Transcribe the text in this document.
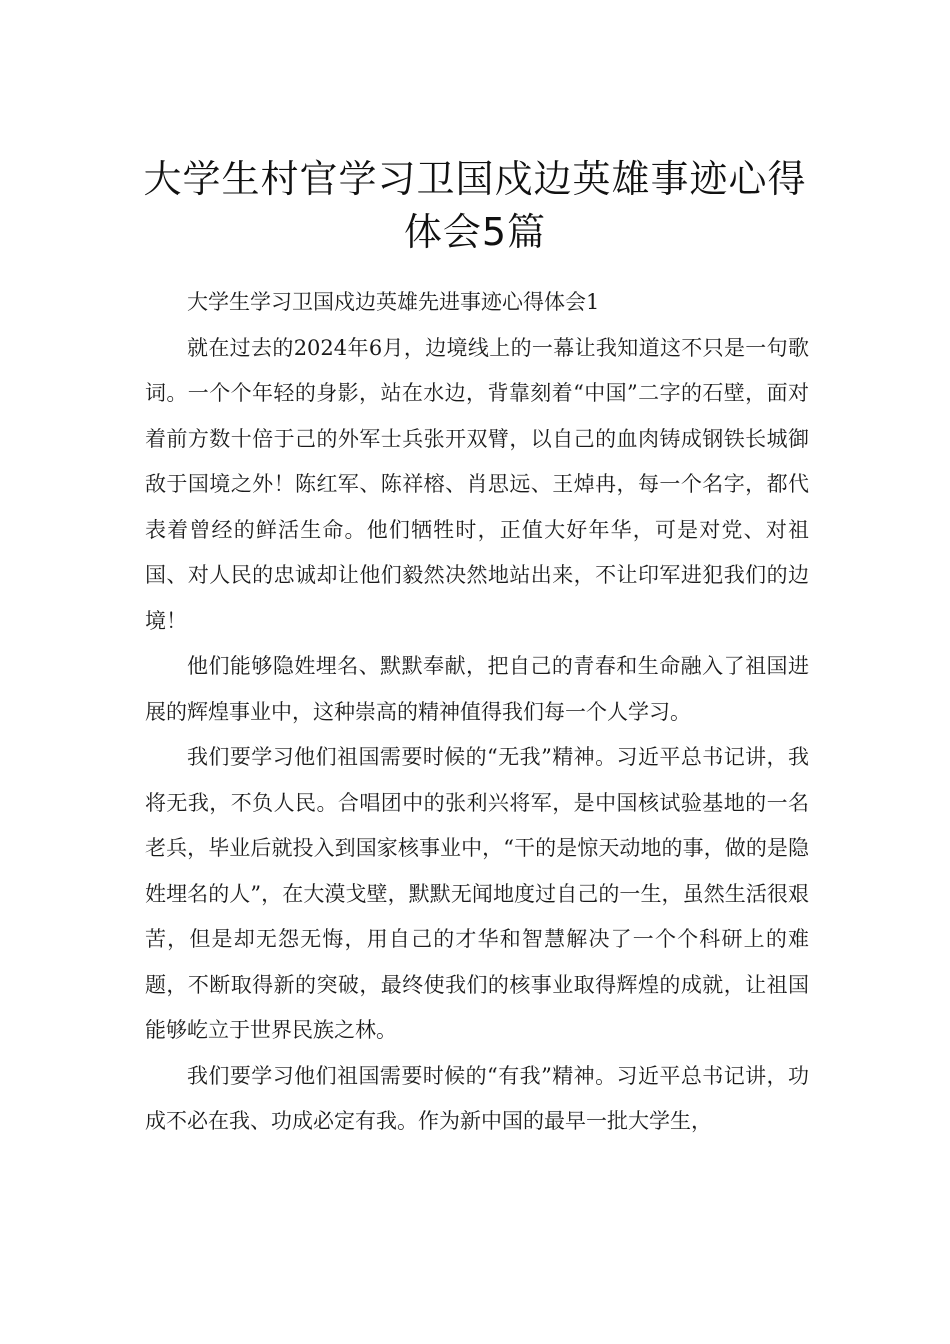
大学生村官学习卫国戍边英雄事迹心得
体会5篇

大学生学习卫国戍边英雄先进事迹心得体会1

就在过去的2024年6月，边境线上的一幕让我知道这不只是一句歌词。一个个年轻的身影，站在水边，背靠刻着“中国”二字的石壁，面对着前方数十倍于己的外军士兵张开双臂，以自己的血肉铸成钢铁长城御敌于国境之外！陈红军、陈祥榕、肖思远、王焯冉，每一个名字，都代表着曾经的鲜活生命。他们牺牲时，正值大好年华，可是对党、对祖国、对人民的忠诚却让他们毅然决然地站出来，不让印军进犯我们的边境！

他们能够隐姓埋名、默默奉献，把自己的青春和生命融入了祖国进展的辉煌事业中，这种崇高的精神值得我们每一个人学习。

我们要学习他们祖国需要时候的“无我”精神。习近平总书记讲，我将无我，不负人民。合唱团中的张利兴将军，是中国核试验基地的一名老兵，毕业后就投入到国家核事业中，“干的是惊天动地的事，做的是隐姓埋名的人”，在大漠戈壁，默默无闻地度过自己的一生，虽然生活很艰苦，但是却无怨无悔，用自己的才华和智慧解决了一个个科研上的难题，不断取得新的突破，最终使我们的核事业取得辉煌的成就，让祖国能够屹立于世界民族之林。

我们要学习他们祖国需要时候的“有我”精神。习近平总书记讲，功成不必在我、功成必定有我。作为新中国的最早一批大学生，
